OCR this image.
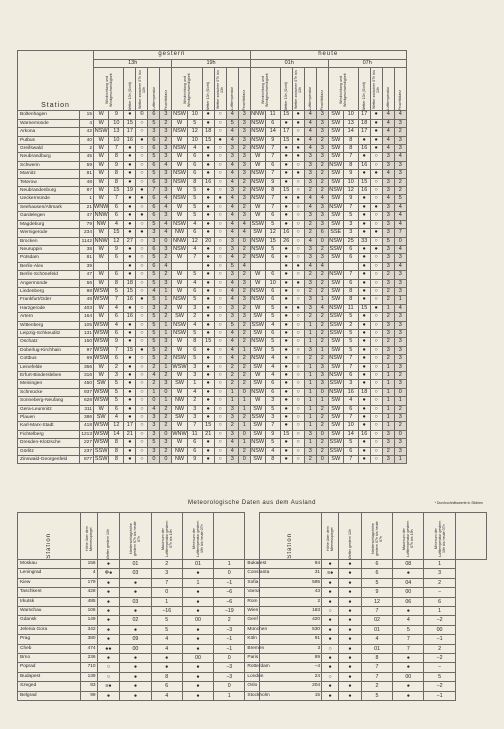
Station		gestern												heute											
		13h						19h						01h						07h					
		Windrichtung und Windgeschwindigkeit		Wetter 13h (Sicht)	Wetter zwischen 07h bis 13h	Lufttemperatur	Feuchtbilanz	Windrichtung und Windgeschwindigkeit		Wetter 13h (Sicht)	Wetter zwischen 07h bis 13h	Lufttemperatur	Feuchtbilanz	Windrichtung und Windgeschwindigkeit		Wetter 13h (Sicht)	Wetter zwischen 07h bis 13h	Lufttemperatur	Feuchtbilanz	Windrichtung und Windgeschwindigkeit		Wetter 13h (Sicht)	Wetter zwischen 07h bis 13h	Lufttemperatur	Feuchtbilanz
Boltenhagen	15	W	9	●	©	6	3	NSW	10	●	○	4	3	NNW	11	15	●	4	3	SW	10	17	●	4	4
Warnemünde	4	W	10	15	○	5	2	W	5	●	○	5	3	NSW	6	●	●	4	3	SW	13	18	●	4	3
Arkona	42	NSW	13	17	○	3	3	NSW	12	18	○	4	3	NSW	14	17	○	4	3	SW	14	17	●	4	2
Putbus	40	W	10	16	●	6	2	W	10	15	●	4	3	NSW	9	15	●	4	2	SW	8	●	●	4	3
Greifswald	2	W	7	●	○	6	3	NSW	4	●	○	3	2	NSW	7	●	●	4	3	SW	8	16	●	4	3
Neubrandburg	45	W	8	●	○	5	3	W	6	●	○	3	3	W	7	●	●	3	3	SW	7	●	○	3	4
Schwerin	59	W	9	●	○	6	4	W	6	●	○	4	3	W	6	●	○	3	2	NSW	8	16	○	3	3
Marnitz	81	W	8	●	○	5	3	NSW	6	●	○	4	3	NSW	7	●	●	3	2	SW	9	●	●	4	3
Teterow	48	W	8	●	○	6	3	NSW	8	16	○	4	2	NSW	9	●	○	3	2	SW	10	15	○	3	2
Neubrandenburg	87	W	15	19	●	7	3	W	5	●	○	3	2	NSW	8	15	○	2	2	NSW	12	16	○	3	2
Ueckermünde	1	W	7	●	●	6	4	NSW	5	●	●	4	3	NSW	7	●	●	4	4	SW	9	●	○	4	5
Seehausen/Altmark	21	WNW	6	●	○	6	4	W	5	●	○	4	2	W	7	●	○	4	3	NSW	7	●	●	3	4
Gardelegen	47	NNW	6	●	●	6	3	W	5	●	○	4	3	W	6	●	○	3	3	SW	5	●	○	3	4
Magdeburg	79	NW	4	●	○	5	4	NSW	4	●	○	4	4	SSW	5	●	○	2	3	SW	3	●	○	3	4
Wernigerode	234	W	15	●	●	3	4	NW	6	●	○	4	4	SW	12	16	○	2	6	SSE	3	●	●	3	7
Brocken	1142	NNW	12	27	○	3	0	NNW	12	20	○	3	0	NSW	15	26	○	4	0	NSW	25	33	○	5	0
Neuruppin	38	W	9	●	○	6	3	NSW	4	●	○	3	2	NSW	5	●	○	3	2	SSW	6	●	●	3	4
Potsdam	81	W	6	●	○	5	2	W	7	●	○	4	2	NSW	6	●	○	3	3	SW	6	●	○	3	3
Berlin-Alex	39			●	○	6	4			●	○	5	4			●	●	4	4			●	○	3	4
Berlin-Schönefeld	47	W	6	●	○	5	2	W	5	●	○	3	2	W	6	●	○	2	2	NSW	7	●	○	2	3
Angermünde	56	W	8	18	○	5	3	W	4	●	○	4	3	W	10	●	●	3	2	SW	6	●	○	3	3
Lindenberg	98	WSW	5	15	○	4	1	W	6	●	○	4	2	NSW	6	●	○	2	2	SW	8	●	○	2	3
Frankfurt/Oder	48	WSW	7	16	●	5	1	NSW	5	●	○	4	3	NSW	6	●	○	3	1	SW	8	●	○	2	1
Harzgerode	403	W	4	●	○	3	2	W	3	●	○	3	2	W	5	●	●	3	4	NSW	11	15	●	1	4
Artern	164	W	6	16	○	5	2	SW	2	●	○	3	3	SW	5	●	○	2	2	SSW	5	●	○	2	3
Wittenberg	105	WSW	4	●	○	5	1	NSW	4	●	○	5	2	SSW	4	●	○	1	2	SSW	2	●	○	3	3
Leipzig-Schkeuditz	131	WSW	6	●	○	5	1	NSW	5	●	○	4	2	SW	6	●	○	1	2	SSW	5	●	○	3	3
Oschatz	150	WSW	9	●	○	5	3	W	8	15	○	4	2	NSW	5	●	○	1	2	SW	5	●	○	2	3
Doberlug-Kirchhain	97	WSW	7	15	●	5	2	W	6	●	○	4	1	SW	5	●	○	3	1	SW	5	●	○	3	3
Cottbus	69	WSW	6	●	○	5	2	NSW	5	●	○	4	2	NSW	4	●	○	2	2	NSW	7	●	○	2	3
Leinefelde	356	W	2	●	○	2	1	WSW	3	●	○	2	2	SW	4	●	○	1	3	SW	7	●	○	1	3
Erfurt-Bindersleben	316	W	3	●	○	4	2	W	3	●	○	2	2	W	4	●	○	1	3	NSW	6	●	○	1	2
Meiningen	450	SW	5	●	○	2	3	SW	1	●	○	2	2	SW	6	●	○	1	3	SSW	3	●	○	1	3
Schmücke	937	WSW	5	●	○	1	0	W	4	●	○	1	0	NSW	6	●	○	1	0	NSW	16	18	○	1	0
Sonneberg-Neufang	628	WSW	5	●	○	0	1	NW	2	●	○	1	1	W	3	●	○	1	1	SW	4	●	○	1	1
Gera-Leumnitz	311	W	6	●	○	4	2	NW	3	●	○	3	1	SW	5	●	○	1	2	SW	6	●	○	1	2
Plauen	386	SW	4	●	○	3	2	SW	3	●	○	3	2	SSW	3	●	○	1	2	SW	7	●	○	1	3
Karl-Marx-Stadt	418	WSW	12	17	○	3	2	W	7	15	○	2	1	SW	7	●	○	1	2	SW	10	●	○	1	2
Fichtelberg	1213	WSW	14	21	○	3	0	WNW	11	21	○	3	0	SW	9	15	○	3	0	SW	14	16	○	3	0
Dresden-Klotzsche	227	WSW	8	●	○	5	3	W	6	●	○	4	1	NSW	5	●	○	1	2	SSW	5	●	○	3	3
Görlitz	237	SSW	8	●	○	3	2	NW	6	●	○	4	2	NSW	4	●	○	3	2	SSW	6	●	○	2	3
Zinnwald-Georgenfeld	877	SSW	8	●	○	0	0	NW	9	●	○	3	0	SW	8	●	○	2	0	SW	7	●	○	3	1
Meteorologische Daten aus dem Ausland	* Durchschnittswerte in Sibirien
Station	Höhe über dem Meeresspiegel	Wetter gestern 13h	Niederschlagshöhe gestern 07h bis heute 07h	Maximum der Lufttemperatur gestern 07h bis 19h	Minimum der Lufttemperatur gestern 19h bis heute 07h			Station	Höhe über dem Meeresspiegel	Wetter gestern 13h	Niederschlagshöhe gestern 07h bis heute 07h	Maximum der Lufttemperatur gestern 07h bis 19h	Minimum der Lufttemperatur gestern 19h bis heute 07h	
Moskau	156	●	01	2	01	1	Bukarest	94	●	●	6	08	1	
Leningrad	4	❄●	03	3	●	0	Constanta	31	≡●	●	6	●	3	
Kiew	179	●	●	7	1	−1	Sofia	595	●	●	5	04	2	
Taschkent	428	●	●	0	●	−6	Varna	43	●	●	9	00	−	
Irkutsk	485	●	03	1	●	−6	Rom	2	●	●	12	06	6	
Warschau	106	●	●	−16	●	−19	Wien	183	○	●	7	●	1	
Gdansk	149	●	02	5	00	2	Genf	420	●	●	02	4	−2	
Jelenia Gora	342	●	●	5	●	−3	München	530	●	●	01	5	00	
Prag	380	●	09	4	●	−1	Köln	91	●	●	4	7	−1	
Cheb	474	●●	00	4	●	−1	Bremen	3	○	●	01	7	2	
Brno	236	●	●	●	00	0	Paris	89	●	●	8	●	−2	
Poprad	710	○	●	●	●	−3	Rotterdam	−4	●	●	7	●	−	
Budapest	139	○	●	8	●	−3	London	24	○	●	7	00	5	
Szeged	83	≡●	●	6	●	0	Oslo	204	●	●	2	●	−2	
Belgrad	99	●	●	4	●	1	Stockholm	15	●	●	5	●	−1	
